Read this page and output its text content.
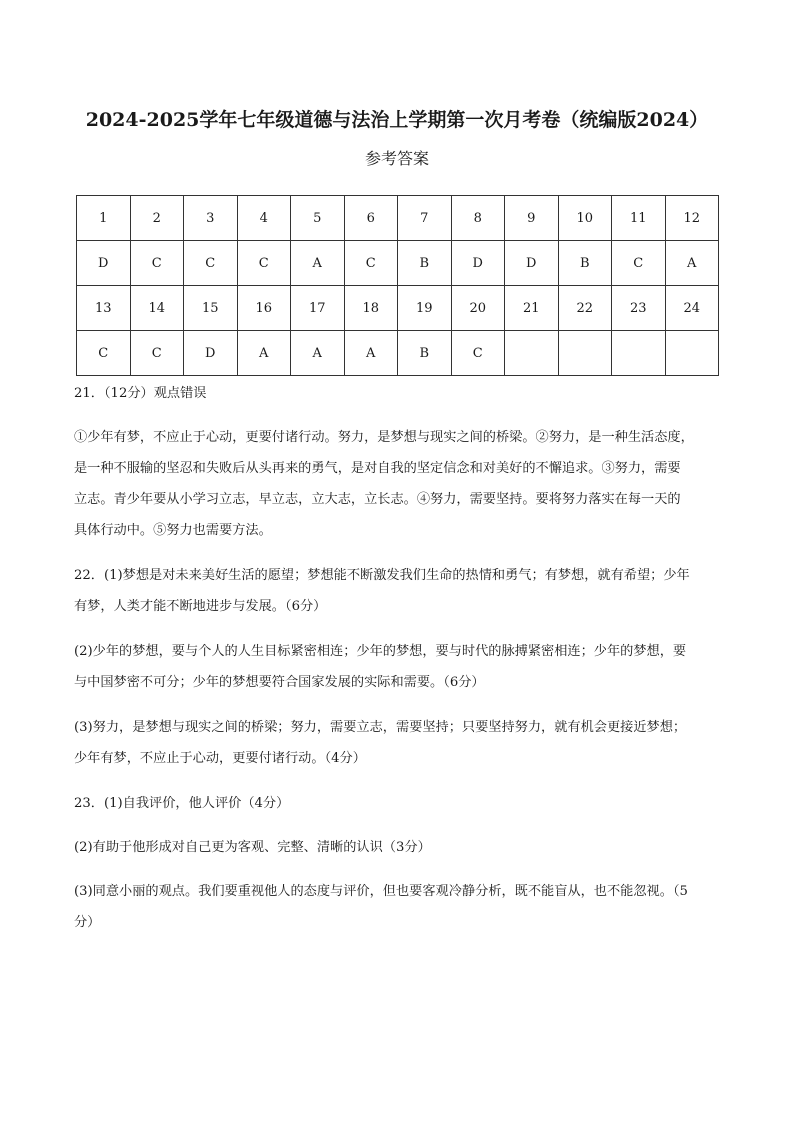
2024-2025学年七年级道德与法治上学期第一次月考卷（统编版2024）
参考答案
1	2	3	4	5	6	7	8	9	10	11	12
D	C	C	C	A	C	B	D	D	B	C	A
13	14	15	16	17	18	19	20	21	22	23	24
C	C	D	A	A	A	B	C				
21．（12分）观点错误
①少年有梦，不应止于心动，更要付诸行动。努力，是梦想与现实之间的桥梁。②努力，是一种生活态度，
是一种不服输的坚忍和失败后从头再来的勇气，是对自我的坚定信念和对美好的不懈追求。③努力，需要
立志。青少年要从小学习立志，早立志，立大志，立长志。④努力，需要坚持。要将努力落实在每一天的
具体行动中。⑤努力也需要方法。
22．(1)梦想是对未来美好生活的愿望；梦想能不断激发我们生命的热情和勇气；有梦想，就有希望；少年
有梦，人类才能不断地进步与发展。（6分）
(2)少年的梦想，要与个人的人生目标紧密相连；少年的梦想，要与时代的脉搏紧密相连；少年的梦想，要
与中国梦密不可分；少年的梦想要符合国家发展的实际和需要。（6分）
(3)努力，是梦想与现实之间的桥梁；努力，需要立志，需要坚持；只要坚持努力，就有机会更接近梦想；
少年有梦，不应止于心动，更要付诸行动。（4分）
23．(1)自我评价，他人评价（4分）
(2)有助于他形成对自己更为客观、完整、清晰的认识（3分）
(3)同意小丽的观点。我们要重视他人的态度与评价，但也要客观冷静分析，既不能盲从，也不能忽视。（5
分）
